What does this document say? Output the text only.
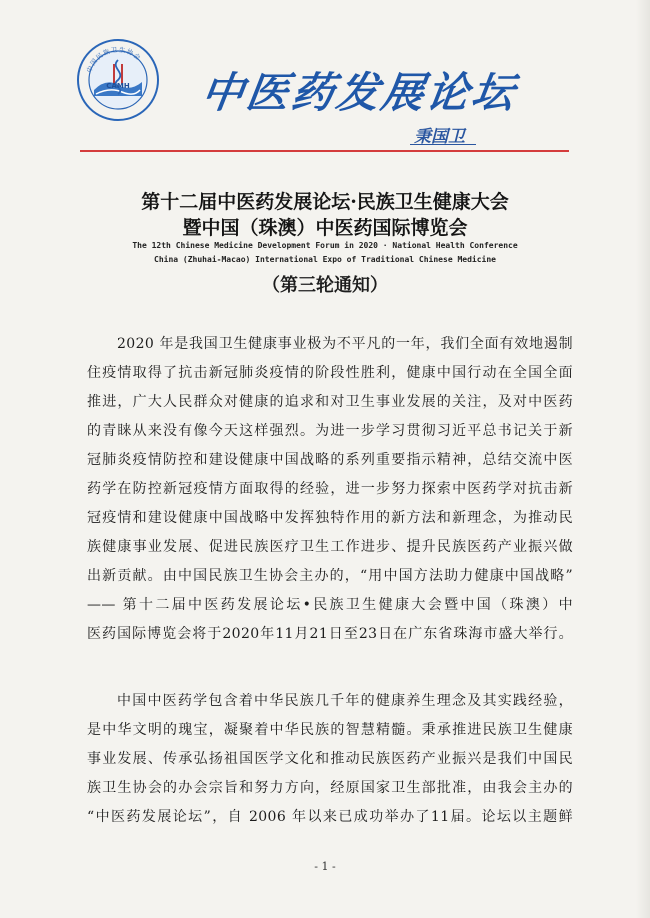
CAMH
中国民族卫生协会
中医药发展论坛
秉国卫
第十二届中医药发展论坛·民族卫生健康大会
暨中国（珠澳）中医药国际博览会
The 12th Chinese Medicine Development Forum in 2020 · National Health Conference
China (Zhuhai-Macao) International Expo of Traditional Chinese Medicine
（第三轮通知）
2020 年是我国卫生健康事业极为不平凡的一年，我们全面有效地遏制
住疫情取得了抗击新冠肺炎疫情的阶段性胜利，健康中国行动在全国全面
推进，广大人民群众对健康的追求和对卫生事业发展的关注，及对中医药
的青睐从来没有像今天这样强烈。为进一步学习贯彻习近平总书记关于新
冠肺炎疫情防控和建设健康中国战略的系列重要指示精神，总结交流中医
药学在防控新冠疫情方面取得的经验，进一步努力探索中医药学对抗击新
冠疫情和建设健康中国战略中发挥独特作用的新方法和新理念，为推动民
族健康事业发展、促进民族医疗卫生工作进步、提升民族医药产业振兴做
出新贡献。由中国民族卫生协会主办的，“用中国方法助力健康中国战略”
—— 第十二届中医药发展论坛•民族卫生健康大会暨中国（珠澳）中
医药国际博览会将于2020年11月21日至23日在广东省珠海市盛大举行。
中国中医药学包含着中华民族几千年的健康养生理念及其实践经验，
是中华文明的瑰宝，凝聚着中华民族的智慧精髓。秉承推进民族卫生健康
事业发展、传承弘扬祖国医学文化和推动民族医药产业振兴是我们中国民
族卫生协会的办会宗旨和努力方向，经原国家卫生部批准，由我会主办的
“中医药发展论坛”，自 2006 年以来已成功举办了11届。论坛以主题鲜
- 1 -
